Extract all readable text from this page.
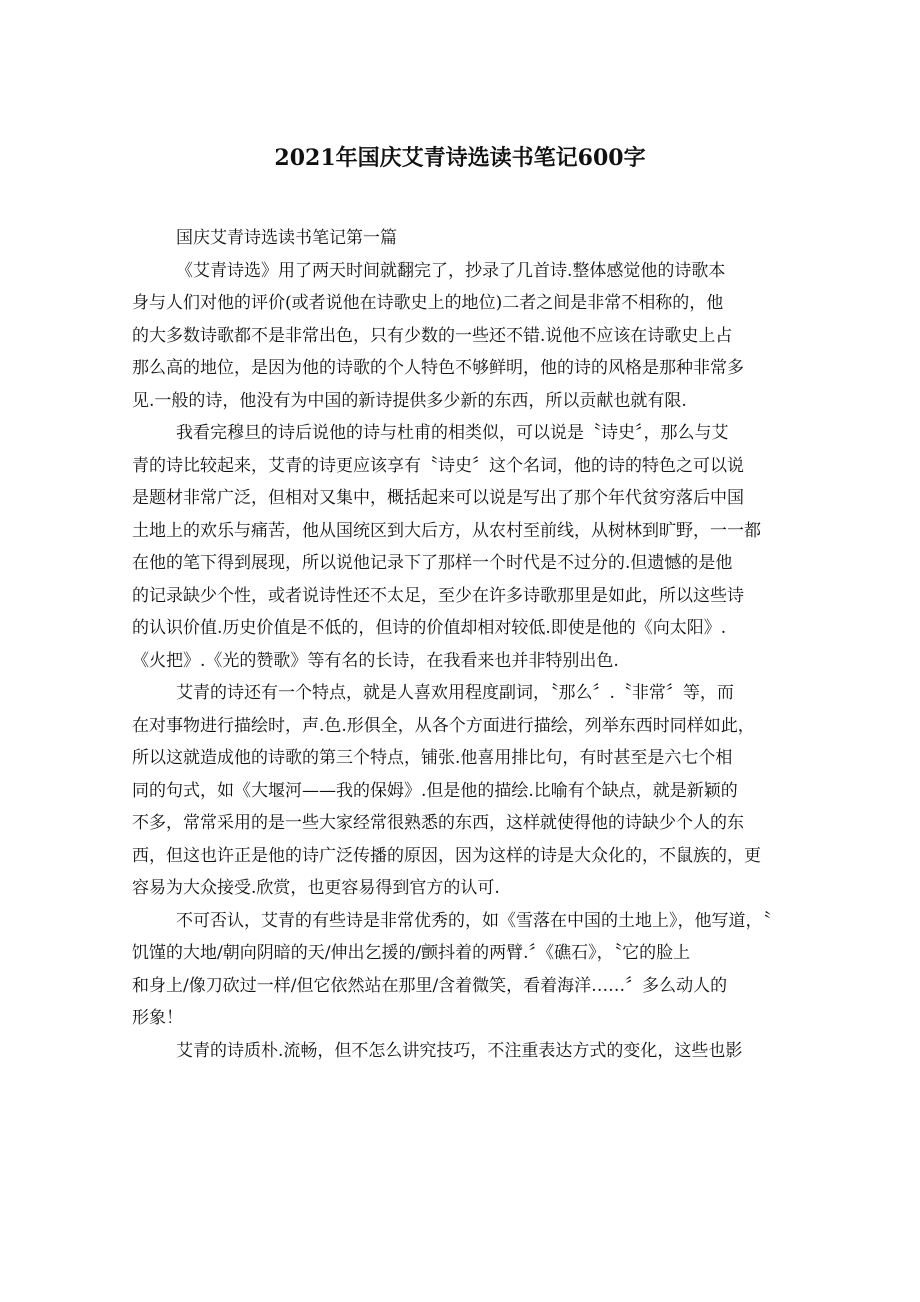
2021年国庆艾青诗选读书笔记600字
国庆艾青诗选读书笔记第一篇
《艾青诗选》用了两天时间就翻完了，抄录了几首诗.整体感觉他的诗歌本
身与人们对他的评价(或者说他在诗歌史上的地位)二者之间是非常不相称的，他
的大多数诗歌都不是非常出色，只有少数的一些还不错.说他不应该在诗歌史上占
那么高的地位，是因为他的诗歌的个人特色不够鲜明，他的诗的风格是那种非常多
见.一般的诗，他没有为中国的新诗提供多少新的东西，所以贡献也就有限.
我看完穆旦的诗后说他的诗与杜甫的相类似，可以说是〝诗史〞，那么与艾
青的诗比较起来，艾青的诗更应该享有〝诗史〞这个名词，他的诗的特色之可以说
是题材非常广泛，但相对又集中，概括起来可以说是写出了那个年代贫穷落后中国
土地上的欢乐与痛苦，他从国统区到大后方，从农村至前线，从树林到旷野，一一都
在他的笔下得到展现，所以说他记录下了那样一个时代是不过分的.但遗憾的是他
的记录缺少个性，或者说诗性还不太足，至少在许多诗歌那里是如此，所以这些诗
的认识价值.历史价值是不低的，但诗的价值却相对较低.即使是他的《向太阳》.
《火把》.《光的赞歌》等有名的长诗，在我看来也并非特别出色.
艾青的诗还有一个特点，就是人喜欢用程度副词，〝那么〞.〝非常〞等，而
在对事物进行描绘时，声.色.形俱全，从各个方面进行描绘，列举东西时同样如此，
所以这就造成他的诗歌的第三个特点，铺张.他喜用排比句，有时甚至是六七个相
同的句式，如《大堰河——我的保姆》.但是他的描绘.比喻有个缺点，就是新颖的
不多，常常采用的是一些大家经常很熟悉的东西，这样就使得他的诗缺少个人的东
西，但这也许正是他的诗广泛传播的原因，因为这样的诗是大众化的，不鼠族的，更
容易为大众接受.欣赏，也更容易得到官方的认可.
不可否认，艾青的有些诗是非常优秀的，如《雪落在中国的土地上》，他写道，〝
饥馑的大地/朝向阴暗的天/伸出乞援的/颤抖着的两臂.〞《礁石》，〝它的脸上
和身上/像刀砍过一样/但它依然站在那里/含着微笑，看着海洋……〞多么动人的
形象！
艾青的诗质朴.流畅，但不怎么讲究技巧，不注重表达方式的变化，这些也影
